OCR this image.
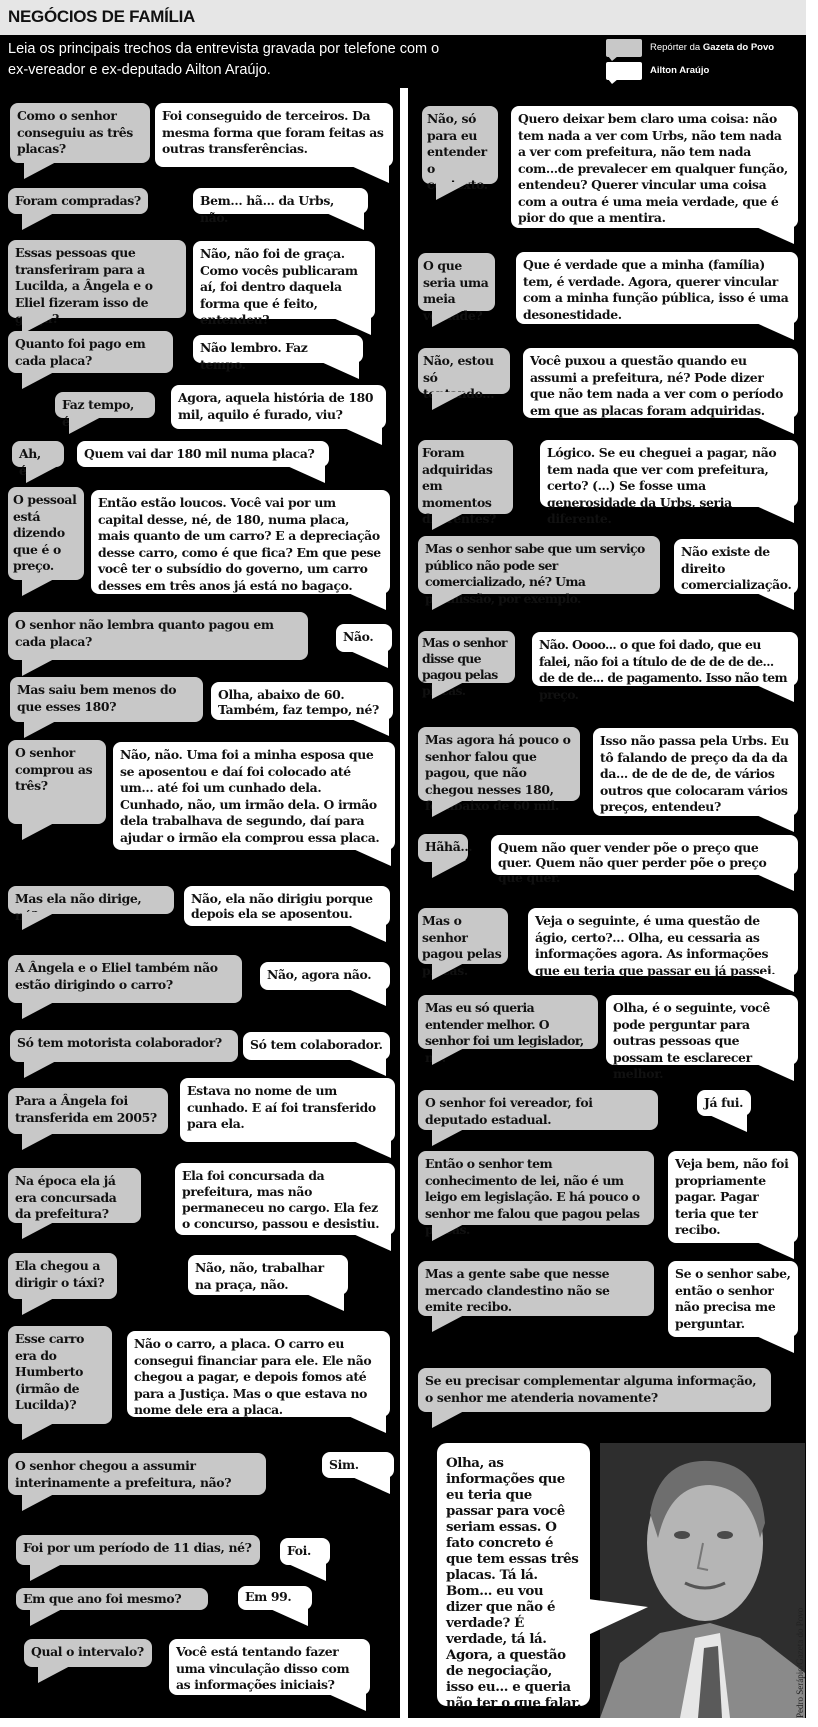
NEGÓCIOS DE FAMÍLIA
Leia os principais trechos da entrevista gravada por telefone com o ex-vereador e ex-deputado Ailton Araújo.
Repórter da Gazeta do Povo
Ailton Araújo
Como o senhor conseguiu as três placas?
Foi conseguido de terceiros. Da mesma forma que foram feitas as outras transferências.
Foram compradas?	Bem... hã... da Urbs, não.
Essas pessoas que transferiram para a Lucilda, a Ângela e o Eliel fizeram isso de graça?
Não, não foi de graça. Como vocês publicaram aí, foi dentro daquela forma que é feito, entendeu?
Quanto foi pago em cada placa?
Não lembro. Faz tempo.
Faz tempo, é?
Agora, aquela história de 180 mil, aquilo é furado, viu?
Ah, é?
Quem vai dar 180 mil numa placa?
O pessoal está dizendo que é o preço.
Então estão loucos. Você vai por um capital desse, né, de 180, numa placa, mais quanto de um carro? E a depreciação desse carro, como é que fica? Em que pese você ter o subsídio do governo, um carro desses em três anos já está no bagaço.
O senhor não lembra quanto pagou em cada placa?	Não.
Mas saiu bem menos do que esses 180?
Olha, abaixo de 60. Também, faz tempo, né?
O senhor comprou as três?
Não, não. Uma foi a minha esposa que se aposentou e daí foi colocado até um... até foi um cunhado dela. Cunhado, não, um irmão dela. O irmão dela trabalhava de segundo, daí para ajudar o irmão ela comprou essa placa.
Mas ela não dirige, né?
Não, ela não dirigiu porque depois ela se aposentou.
A Ângela e o Eliel também não estão dirigindo o carro?
Não, agora não.
Só tem motorista colaborador?	Só tem colaborador.
Para a Ângela foi transferida em 2005?
Estava no nome de um cunhado. E aí foi transferido para ela.
Na época ela já era concursada da prefeitura?
Ela foi concursada da prefeitura, mas não permaneceu no cargo. Ela fez o concurso, passou e desistiu.
Ela chegou a dirigir o táxi?
Não, não, trabalhar na praça, não.
Esse carro era do Humberto (irmão de Lucilda)?
Não o carro, a placa. O carro eu consegui financiar para ele. Ele não chegou a pagar, e depois fomos até para a Justiça. Mas o que estava no nome dele era a placa.
O senhor chegou a assumir interinamente a prefeitura, não?
Sim.
Foi por um período de 11 dias, né?	Foi.
Em que ano foi mesmo?	Em 99.
Qual o intervalo?	Você está tentando fazer uma vinculação disso com as informações iniciais?
Não, só para eu entender o contexto.
Quero deixar bem claro uma coisa: não tem nada a ver com Urbs, não tem nada a ver com prefeitura, não tem nada com...de prevalecer em qualquer função, entendeu? Querer vincular uma coisa com a outra é uma meia verdade, que é pior do que a mentira.
O que seria uma meia verdade?
Que é verdade que a minha (família) tem, é verdade. Agora, querer vincular com a minha função pública, isso é uma desonestidade.
Não, estou só tentando...
Você puxou a questão quando eu assumi a prefeitura, né? Pode dizer que não tem nada a ver com o período em que as placas foram adquiridas.
Foram adquiridas em momentos diferentes?
Lógico. Se eu cheguei a pagar, não tem nada que ver com prefeitura, certo? (...) Se fosse uma generosidade da Urbs, seria diferente.
Mas o senhor sabe que um serviço público não pode ser comercializado, né? Uma permissão, por exemplo.
Não existe de direito comercialização.
Mas o senhor disse que pagou pelas placas.
Não. Oooo... o que foi dado, que eu falei, não foi a título de de de de de... de de de... de pagamento. Isso não tem preço.
Mas agora há pouco o senhor falou que pagou, que não chegou nesses 180, foi abaixo de 60 mil.
Isso não passa pela Urbs. Eu tô falando de preço da da da da... de de de de, de vários outros que colocaram vários preços, entendeu?
Hãhã...	Quem não quer vender põe o preço que quer. Quem não quer perder põe o preço que quer.
Mas o senhor pagou pelas placas.
Veja o seguinte, é uma questão de ágio, certo?... Olha, eu cessaria as informações agora. As informações que eu teria que passar eu já passei.
Mas eu só queria entender melhor. O senhor foi um legislador, né?
Olha, é o seguinte, você pode perguntar para outras pessoas que possam te esclarecer melhor.
O senhor foi vereador, foi deputado estadual.
Já fui.
Então o senhor tem conhecimento de lei, não é um leigo em legislação. E há pouco o senhor me falou que pagou pelas placas.
Veja bem, não foi propriamente pagar. Pagar teria que ter recibo.
Mas a gente sabe que nesse mercado clandestino não se emite recibo.
Se o senhor sabe, então o senhor não precisa me perguntar.
Se eu precisar complementar alguma informação, o senhor me atenderia novamente?
Olha, as informações que eu teria que passar para você seriam essas. O fato concreto é que tem essas três placas. Tá lá. Bom... eu vou dizer que não é verdade? É verdade, tá lá. Agora, a questão de negociação, isso eu... e queria não ter o que falar.	Pedro Serápio/Gazeta do Povo
